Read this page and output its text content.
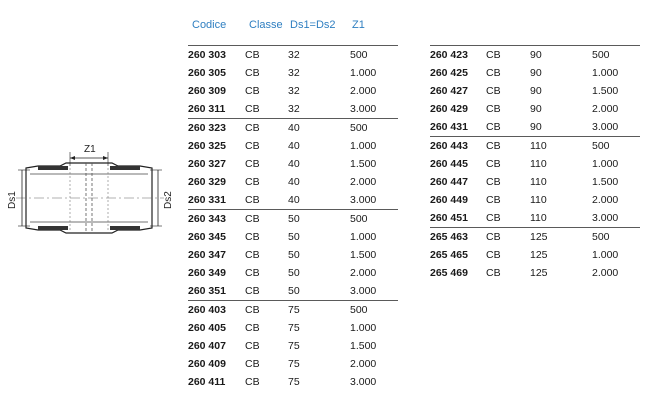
Codice Classe Ds1=Ds2 Z1
260 303	CB	32	500
260 305	CB	32	1.000
260 309	CB	32	2.000
260 311	CB	32	3.000
260 323	CB	40	500
260 325	CB	40	1.000
260 327	CB	40	1.500
260 329	CB	40	2.000
260 331	CB	40	3.000
260 343	CB	50	500
260 345	CB	50	1.000
260 347	CB	50	1.500
260 349	CB	50	2.000
260 351	CB	50	3.000
260 403	CB	75	500
260 405	CB	75	1.000
260 407	CB	75	1.500
260 409	CB	75	2.000
260 411	CB	75	3.000
260 423	CB	90	500
260 425	CB	90	1.000
260 427	CB	90	1.500
260 429	CB	90	2.000
260 431	CB	90	3.000
260 443	CB	110	500
260 445	CB	110	1.000
260 447	CB	110	1.500
260 449	CB	110	2.000
260 451	CB	110	3.000
265 463	CB	125	500
265 465	CB	125	1.000
265 469	CB	125	2.000
Z1
Ds1	Ds2
